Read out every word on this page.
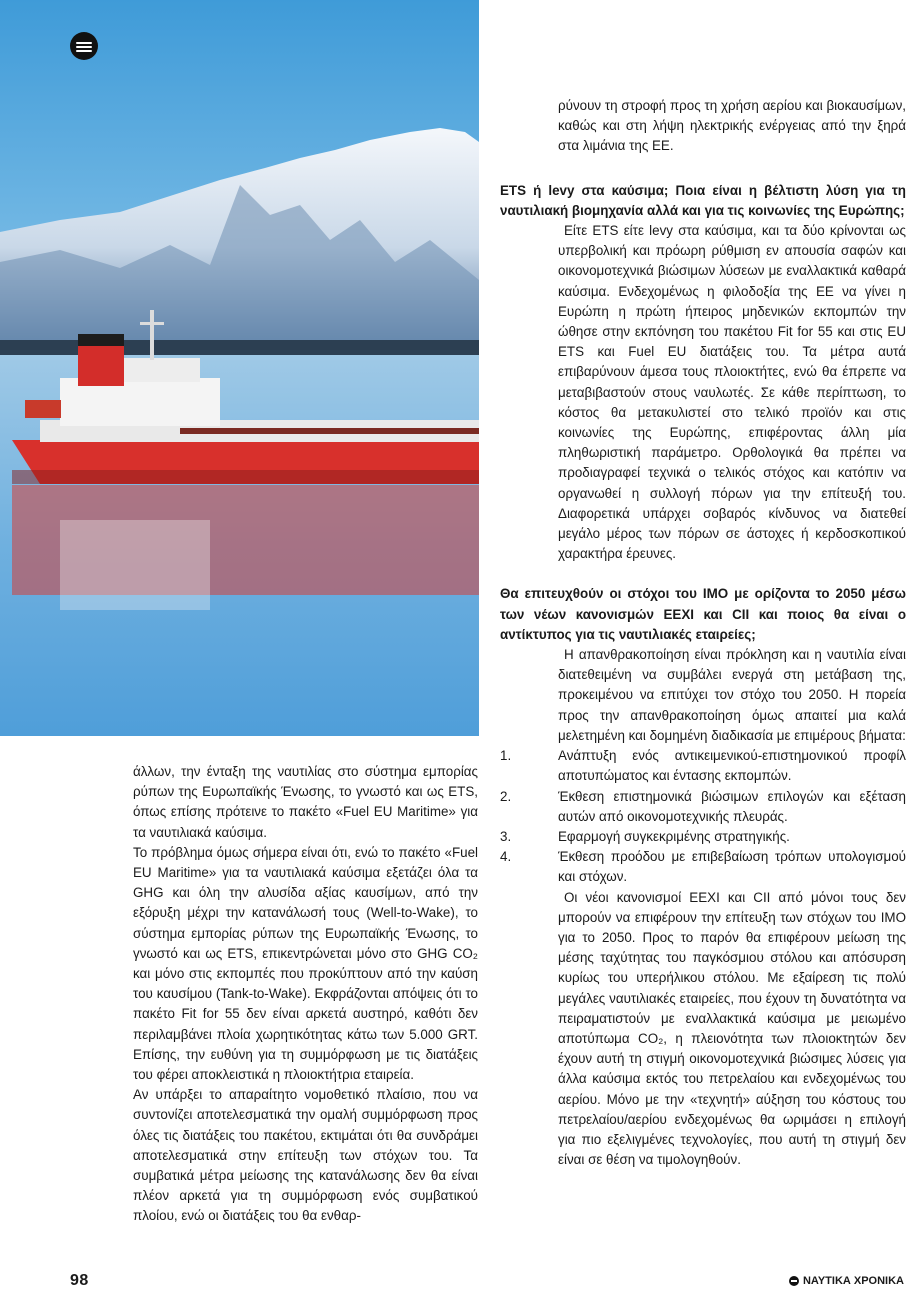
άλλων, την ένταξη της ναυτιλίας στο σύστημα εμπορίας ρύπων της Ευρωπαϊκής Ένωσης, το γνωστό και ως ETS, όπως επίσης πρότεινε το πακέτο «Fuel EU Maritime» για τα ναυτιλιακά καύσιμα.

Το πρόβλημα όμως σήμερα είναι ότι, ενώ το πακέτο «Fuel EU Maritime» για τα ναυτιλιακά καύσιμα εξετάζει όλα τα GHG και όλη την αλυσίδα αξίας καυσίμων, από την εξόρυξη μέχρι την κατανάλωσή τους (Well-to-Wake), το σύστημα εμπορίας ρύπων της Ευρωπαϊκής Ένωσης, το γνωστό και ως ETS, επικεντρώνεται μόνο στο GHG CO₂ και μόνο στις εκπομπές που προκύπτουν από την καύση του καυσίμου (Tank-to-Wake). Εκφράζονται απόψεις ότι το πακέτο Fit for 55 δεν είναι αρκετά αυστηρό, καθότι δεν περιλαμβάνει πλοία χωρητικότητας κάτω των 5.000 GRT. Επίσης, την ευθύνη για τη συμμόρφωση με τις διατάξεις του φέρει αποκλειστικά η πλοιοκτήτρια εταιρεία.

Αν υπάρξει το απαραίτητο νομοθετικό πλαίσιο, που να συντονίζει αποτελεσματικά την ομαλή συμμόρφωση προς όλες τις διατάξεις του πακέτου, εκτιμάται ότι θα συνδράμει αποτελεσματικά στην επίτευξη των στόχων του. Τα συμβατικά μέτρα μείωσης της κατανάλωσης δεν θα είναι πλέον αρκετά για τη συμμόρφωση ενός συμβατικού πλοίου, ενώ οι διατάξεις του θα ενθαρ-

ρύνουν τη στροφή προς τη χρήση αερίου και βιοκαυσίμων, καθώς και στη λήψη ηλεκτρικής ενέργειας από την ξηρά στα λιμάνια της ΕΕ.

ETS ή levy στα καύσιμα; Ποια είναι η βέλτιστη λύση για τη ναυτιλιακή βιομηχανία αλλά και για τις κοινωνίες της Ευρώπης;

Είτε ETS είτε levy στα καύσιμα, και τα δύο κρίνονται ως υπερβολική και πρόωρη ρύθμιση εν απουσία σαφών και οικονομοτεχνικά βιώσιμων λύσεων με εναλλακτικά καθαρά καύσιμα. Ενδεχομένως η φιλοδοξία της ΕΕ να γίνει η Ευρώπη η πρώτη ήπειρος μηδενικών εκπομπών την ώθησε στην εκπόνηση του πακέτου Fit for 55 και στις EU ETS και Fuel EU διατάξεις του. Τα μέτρα αυτά επιβαρύνουν άμεσα τους πλοιοκτήτες, ενώ θα έπρεπε να μεταβιβαστούν στους ναυλωτές. Σε κάθε περίπτωση, το κόστος θα μετακυλιστεί στο τελικό προϊόν και στις κοινωνίες της Ευρώπης, επιφέροντας άλλη μία πληθωριστική παράμετρο. Ορθολογικά θα πρέπει να προδιαγραφεί τεχνικά ο τελικός στόχος και κατόπιν να οργανωθεί η συλλογή πόρων για την επίτευξή του. Διαφορετικά υπάρχει σοβαρός κίνδυνος να διατεθεί μεγάλο μέρος των πόρων σε άστοχες ή κερδοσκοπικού χαρακτήρα έρευνες.

Θα επιτευχθούν οι στόχοι του IMO με ορίζοντα το 2050 μέσω των νέων κανονισμών EEXI και CII και ποιος θα είναι ο αντίκτυπος για τις ναυτιλιακές εταιρείες;

Η απανθρακοποίηση είναι πρόκληση και η ναυτιλία είναι διατεθειμένη να συμβάλει ενεργά στη μετάβαση της, προκειμένου να επιτύχει τον στόχο του 2050. Η πορεία προς την απανθρακοποίηση όμως απαιτεί μια καλά μελετημένη και δομημένη διαδικασία με επιμέρους βήματα:

1.	Ανάπτυξη ενός αντικειμενικού-επιστημονικού προφίλ αποτυπώματος και έντασης εκπομπών.
2.	Έκθεση επιστημονικά βιώσιμων επιλογών και εξέταση αυτών από οικονομοτεχνικής πλευράς.
3.	Εφαρμογή συγκεκριμένης στρατηγικής.
4.	Έκθεση προόδου με επιβεβαίωση τρόπων υπολογισμού και στόχων.

Οι νέοι κανονισμοί EEXI και CII από μόνοι τους δεν μπορούν να επιφέρουν την επίτευξη των στόχων του IMO για το 2050. Προς το παρόν θα επιφέρουν μείωση της μέσης ταχύτητας του παγκόσμιου στόλου και απόσυρση κυρίως του υπερήλικου στόλου. Με εξαίρεση τις πολύ μεγάλες ναυτιλιακές εταιρείες, που έχουν τη δυνατότητα να πειραματιστούν με εναλλακτικά καύσιμα με μειωμένο αποτύπωμα CO₂, η πλειονότητα των πλοιοκτητών δεν έχουν αυτή τη στιγμή οικονομοτεχνικά βιώσιμες λύσεις για άλλα καύσιμα εκτός του πετρελαίου και ενδεχομένως του αερίου. Μόνο με την «τεχνητή» αύξηση του κόστους του πετρελαίου/αερίου ενδεχομένως θα ωριμάσει η επιλογή για πιο εξελιγμένες τεχνολογίες, που αυτή τη στιγμή δεν είναι σε θέση να τιμολογηθούν.

98	ΝΑΥΤΙΚΑ ΧΡΟΝΙΚΑ
